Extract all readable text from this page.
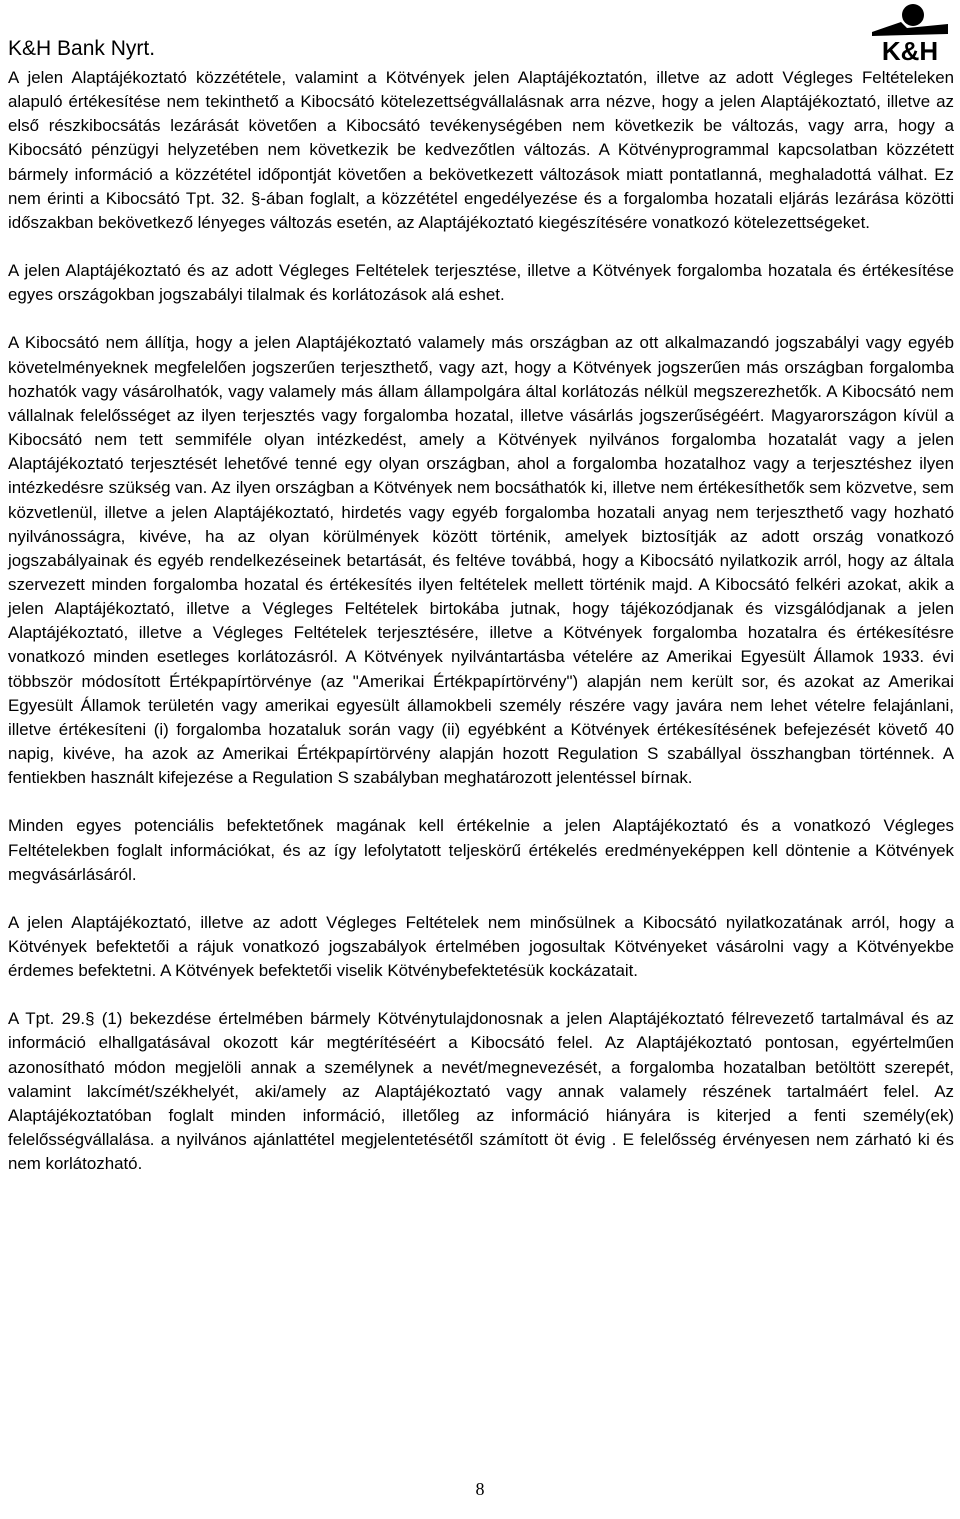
K&H Bank Nyrt.	K&H

A jelen Alaptájékoztató közzététele, valamint a Kötvények jelen Alaptájékoztatón, illetve az adott Végleges Feltételeken alapuló értékesítése nem tekinthető a Kibocsátó kötelezettségvállalásnak arra nézve, hogy a jelen Alaptájékoztató, illetve az első részkibocsátás lezárását követően a Kibocsátó tevékenységében nem következik be változás, vagy arra, hogy a Kibocsátó pénzügyi helyzetében nem következik be kedvezőtlen változás. A Kötvényprogrammal kapcsolatban közzétett bármely információ a közzététel időpontját követően a bekövetkezett változások miatt pontatlanná, meghaladottá válhat. Ez nem érinti a Kibocsátó Tpt. 32. §-ában foglalt, a közzététel engedélyezése és a forgalomba hozatali eljárás lezárása közötti időszakban bekövetkező lényeges változás esetén, az Alaptájékoztató kiegészítésére vonatkozó kötelezettségeket.

A jelen Alaptájékoztató és az adott Végleges Feltételek terjesztése, illetve a Kötvények forgalomba hozatala és értékesítése egyes országokban jogszabályi tilalmak és korlátozások alá eshet.

A Kibocsátó nem állítja, hogy a jelen Alaptájékoztató valamely más országban az ott alkalmazandó jogszabályi vagy egyéb követelményeknek megfelelően jogszerűen terjeszthető, vagy azt, hogy a Kötvények jogszerűen más országban forgalomba hozhatók vagy vásárolhatók, vagy valamely más állam állampolgára által korlátozás nélkül megszerezhetők. A Kibocsátó nem vállalnak felelősséget az ilyen terjesztés vagy forgalomba hozatal, illetve vásárlás jogszerűségéért. Magyarországon kívül a Kibocsátó nem tett semmiféle olyan intézkedést, amely a Kötvények nyilvános forgalomba hozatalát vagy a jelen Alaptájékoztató terjesztését lehetővé tenné egy olyan országban, ahol a forgalomba hozatalhoz vagy a terjesztéshez ilyen intézkedésre szükség van. Az ilyen országban a Kötvények nem bocsáthatók ki, illetve nem értékesíthetők sem közvetve, sem közvetlenül, illetve a jelen Alaptájékoztató, hirdetés vagy egyéb forgalomba hozatali anyag nem terjeszthető vagy hozható nyilvánosságra, kivéve, ha az olyan körülmények között történik, amelyek biztosítják az adott ország vonatkozó jogszabályainak és egyéb rendelkezéseinek betartását, és feltéve továbbá, hogy a Kibocsátó nyilatkozik arról, hogy az általa szervezett minden forgalomba hozatal és értékesítés ilyen feltételek mellett történik majd. A Kibocsátó felkéri azokat, akik a jelen Alaptájékoztató, illetve a Végleges Feltételek birtokába jutnak, hogy tájékozódjanak és vizsgálódjanak a jelen Alaptájékoztató, illetve a Végleges Feltételek terjesztésére, illetve a Kötvények forgalomba hozatalra és értékesítésre vonatkozó minden esetleges korlátozásról. A Kötvények nyilvántartásba vételére az Amerikai Egyesült Államok 1933. évi többször módosított Értékpapírtörvénye (az "Amerikai Értékpapírtörvény") alapján nem került sor, és azokat az Amerikai Egyesült Államok területén vagy amerikai egyesült államokbeli személy részére vagy javára nem lehet vételre felajánlani, illetve értékesíteni (i) forgalomba hozataluk során vagy (ii) egyébként a Kötvények értékesítésének befejezését követő 40 napig, kivéve, ha azok az Amerikai Értékpapírtörvény alapján hozott Regulation S szabállyal összhangban történnek. A fentiekben használt kifejezése a Regulation S szabályban meghatározott jelentéssel bírnak.

Minden egyes potenciális befektetőnek magának kell értékelnie a jelen Alaptájékoztató és a vonatkozó Végleges Feltételekben foglalt információkat, és az így lefolytatott teljeskörű értékelés eredményeképpen kell döntenie a Kötvények megvásárlásáról.

A jelen Alaptájékoztató, illetve az adott Végleges Feltételek nem minősülnek a Kibocsátó nyilatkozatának arról, hogy a Kötvények befektetői a rájuk vonatkozó jogszabályok értelmében jogosultak Kötvényeket vásárolni vagy a Kötvényekbe érdemes befektetni. A Kötvények befektetői viselik Kötvénybefektetésük kockázatait.

A Tpt. 29.§ (1) bekezdése értelmében bármely Kötvénytulajdonosnak a jelen Alaptájékoztató félrevezető tartalmával és az információ elhallgatásával okozott kár megtérítéséért a Kibocsátó felel. Az Alaptájékoztató pontosan, egyértelműen azonosítható módon megjelöli annak a személynek a nevét/megnevezését, a forgalomba hozatalban betöltött szerepét, valamint lakcímét/székhelyét, aki/amely az Alaptájékoztató vagy annak valamely részének tartalmáért felel. Az Alaptájékoztatóban foglalt minden információ, illetőleg az információ hiányára is kiterjed a fenti személy(ek) felelősségvállalása. a nyilvános ajánlattétel megjelentetésétől számított öt évig . E felelősség érvényesen nem zárható ki és nem korlátozható.

8
